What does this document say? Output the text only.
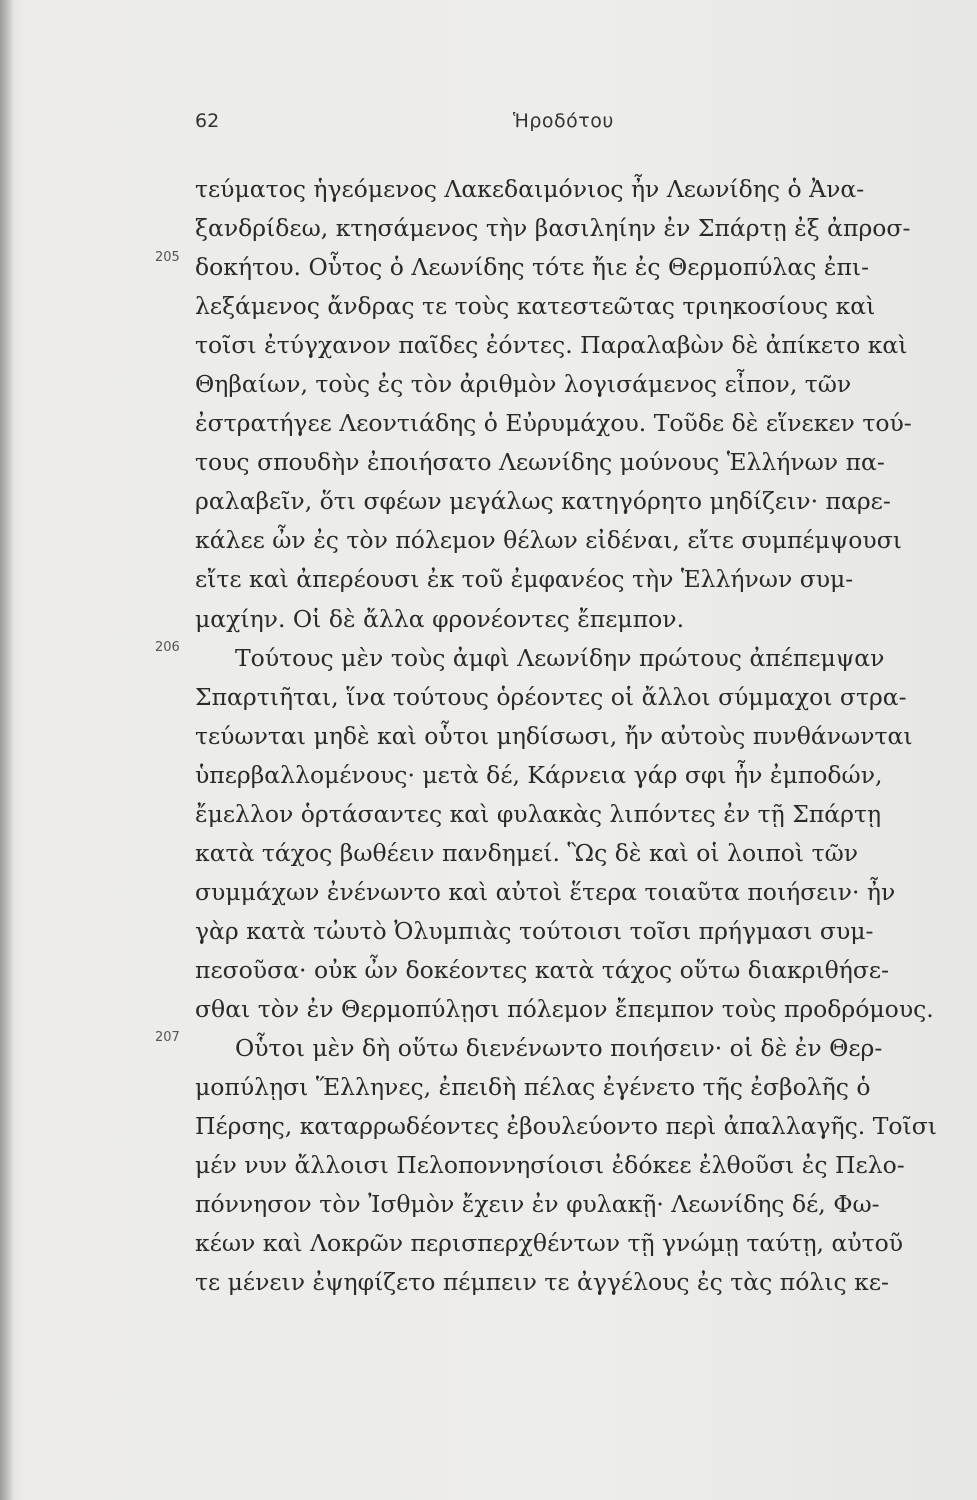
62	Ἡροδότου
205
206
207
τεύματος ἡγεόμενος Λακεδαιμόνιος ἦν Λεωνίδης ὁ Ἀνα-
ξανδρίδεω, κτησάμενος τὴν βασιληίην ἐν Σπάρτῃ ἐξ ἀπροσ-
δοκήτου. Οὗτος ὁ Λεωνίδης τότε ἤιε ἐς Θερμοπύλας ἐπι-
λεξάμενος ἄνδρας τε τοὺς κατεστεῶτας τριηκοσίους καὶ
τοῖσι ἐτύγχανον παῖδες ἐόντες. Παραλαβὼν δὲ ἀπίκετο καὶ
Θηβαίων, τοὺς ἐς τὸν ἀριθμὸν λογισάμενος εἶπον, τῶν
ἐστρατήγεε Λεοντιάδης ὁ Εὐρυμάχου. Τοῦδε δὲ εἵνεκεν τού-
τους σπουδὴν ἐποιήσατο Λεωνίδης μούνους Ἑλλήνων πα-
ραλαβεῖν, ὅτι σφέων μεγάλως κατηγόρητο μηδίζειν· παρε-
κάλεε ὦν ἐς τὸν πόλεμον θέλων εἰδέναι, εἴτε συμπέμψουσι
εἴτε καὶ ἀπερέουσι ἐκ τοῦ ἐμφανέος τὴν Ἑλλήνων συμ-
μαχίην. Οἱ δὲ ἄλλα φρονέοντες ἔπεμπον.
Τούτους μὲν τοὺς ἀμφὶ Λεωνίδην πρώτους ἀπέπεμψαν
Σπαρτιῆται, ἵνα τούτους ὁρέοντες οἱ ἄλλοι σύμμαχοι στρα-
τεύωνται μηδὲ καὶ οὗτοι μηδίσωσι, ἤν αὐτοὺς πυνθάνωνται
ὑπερβαλλομένους· μετὰ δέ, Κάρνεια γάρ σφι ἦν ἐμποδών,
ἔμελλον ὁρτάσαντες καὶ φυλακὰς λιπόντες ἐν τῇ Σπάρτῃ
κατὰ τάχος βωθέειν πανδημεί. Ὣς δὲ καὶ οἱ λοιποὶ τῶν
συμμάχων ἐνένωντο καὶ αὐτοὶ ἕτερα τοιαῦτα ποιήσειν· ἦν
γὰρ κατὰ τὠυτὸ Ὀλυμπιὰς τούτοισι τοῖσι πρήγμασι συμ-
πεσοῦσα· οὐκ ὦν δοκέοντες κατὰ τάχος οὕτω διακριθήσε-
σθαι τὸν ἐν Θερμοπύλῃσι πόλεμον ἔπεμπον τοὺς προδρόμους.
Οὗτοι μὲν δὴ οὕτω διενένωντο ποιήσειν· οἱ δὲ ἐν Θερ-
μοπύλῃσι Ἕλληνες, ἐπειδὴ πέλας ἐγένετο τῆς ἐσβολῆς ὁ
Πέρσης, καταρρωδέοντες ἐβουλεύοντο περὶ ἀπαλλαγῆς. Τοῖσι
μέν νυν ἄλλοισι Πελοποννησίοισι ἐδόκεε ἐλθοῦσι ἐς Πελο-
πόννησον τὸν Ἰσθμὸν ἔχειν ἐν φυλακῇ· Λεωνίδης δέ, Φω-
κέων καὶ Λοκρῶν περισπερχθέντων τῇ γνώμῃ ταύτῃ, αὐτοῦ
τε μένειν ἐψηφίζετο πέμπειν τε ἀγγέλους ἐς τὰς πόλις κε-
